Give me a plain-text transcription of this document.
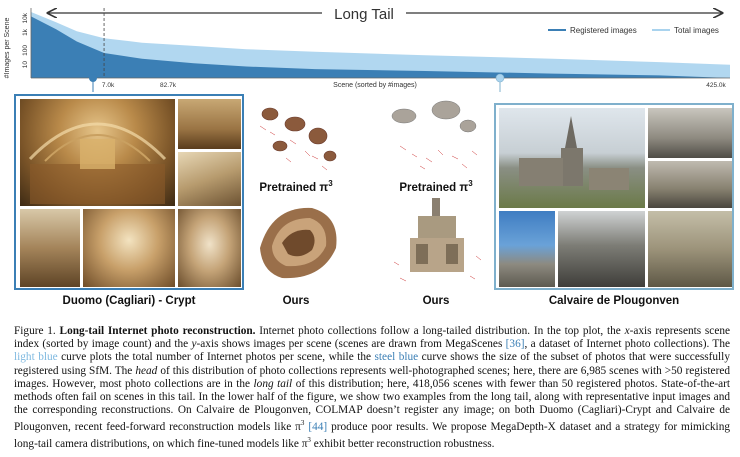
Long Tail
#Images per Scene 10k
1k
100
10
7.0k	82.7k	425.0k
Scene (sorted by #images)
Registered images	Total images
Duomo (Cagliari) - Crypt
Pretrained $\pi^3$
Ours
Pretrained $\pi^3$
Ours	Calvaire de Plougonven

Figure 1. Long-tail Internet photo reconstruction. Internet photo collections follow a long-tailed distribution. In the top plot, the x-axis represents scene index (sorted by image count) and the y-axis shows images per scene (scenes are drawn from MegaScenes [36], a dataset of Internet photo collections). The light blue curve plots the total number of Internet photos per scene, while the steel blue curve shows the size of the subset of photos that were successfully registered using SfM. The head of this distribution of photo collections represents well-photographed scenes; here, there are 6,985 scenes with >50 registered images. However, most photo collections are in the long tail of this distribution; here, 418,056 scenes with fewer than 50 registered photos. State-of-the-art methods often fail on scenes in this tail. In the lower half of the figure, we show two examples from the long tail, along with representative input images and the corresponding reconstructions. On Calvaire de Plougonven, COLMAP doesn’t register any image; on both Duomo (Cagliari)-Crypt and Calvaire de Plougonven, recent feed-forward reconstruction models like $\pi^3$ [44] produce poor results. We propose MegaDepth-X dataset and a strategy for mimicking long-tail camera distributions, on which fine-tuned models like $\pi^3$ exhibit better reconstruction robustness.
